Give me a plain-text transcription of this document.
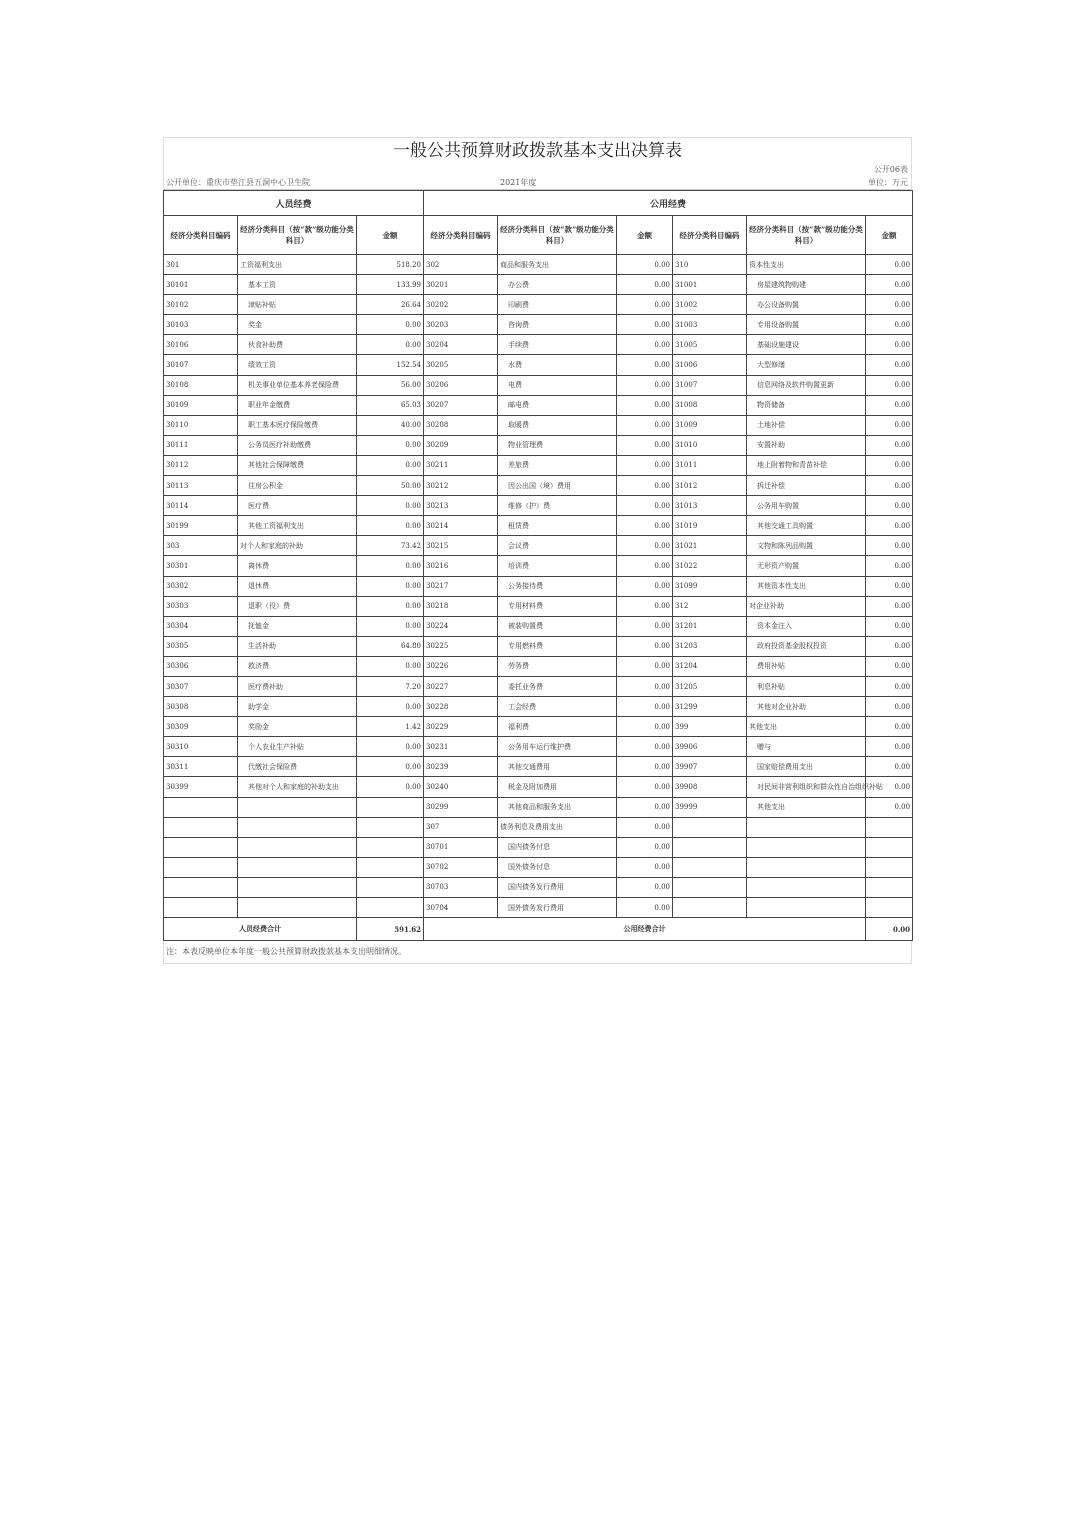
一般公共预算财政拨款基本支出决算表
公开06表
公开单位：重庆市垫江县五洞中心卫生院	2021年度	单位：万元
人员经费			公用经费					
经济分类科目编码	经济分类科目（按“款”级功能分类科目）	金额	经济分类科目编码	经济分类科目（按“款”级功能分类科目）	金额	经济分类科目编码	经济分类科目（按“款”级功能分类科目）	金额
301	工资福利支出	518.20	302	商品和服务支出	0.00	310	资本性支出	0.00
30101	基本工资	133.99	30201	办公费	0.00	31001	房屋建筑物购建	0.00
30102	津贴补贴	26.64	30202	印刷费	0.00	31002	办公设备购置	0.00
30103	奖金	0.00	30203	咨询费	0.00	31003	专用设备购置	0.00
30106	伙食补助费	0.00	30204	手续费	0.00	31005	基础设施建设	0.00
30107	绩效工资	152.54	30205	水费	0.00	31006	大型修缮	0.00
30108	机关事业单位基本养老保险费	56.00	30206	电费	0.00	31007	信息网络及软件购置更新	0.00
30109	职业年金缴费	65.03	30207	邮电费	0.00	31008	物资储备	0.00
30110	职工基本医疗保险缴费	40.00	30208	取暖费	0.00	31009	土地补偿	0.00
30111	公务员医疗补助缴费	0.00	30209	物业管理费	0.00	31010	安置补助	0.00
30112	其他社会保障缴费	0.00	30211	差旅费	0.00	31011	地上附着物和青苗补偿	0.00
30113	住房公积金	50.00	30212	因公出国（境）费用	0.00	31012	拆迁补偿	0.00
30114	医疗费	0.00	30213	维修（护）费	0.00	31013	公务用车购置	0.00
30199	其他工资福利支出	0.00	30214	租赁费	0.00	31019	其他交通工具购置	0.00
303	对个人和家庭的补助	73.42	30215	会议费	0.00	31021	文物和陈列品购置	0.00
30301	离休费	0.00	30216	培训费	0.00	31022	无形资产购置	0.00
30302	退休费	0.00	30217	公务接待费	0.00	31099	其他资本性支出	0.00
30303	退职（役）费	0.00	30218	专用材料费	0.00	312	对企业补助	0.00
30304	抚恤金	0.00	30224	被装购置费	0.00	31201	资本金注入	0.00
30305	生活补助	64.80	30225	专用燃料费	0.00	31203	政府投资基金股权投资	0.00
30306	救济费	0.00	30226	劳务费	0.00	31204	费用补贴	0.00
30307	医疗费补助	7.20	30227	委托业务费	0.00	31205	利息补贴	0.00
30308	助学金	0.00	30228	工会经费	0.00	31299	其他对企业补助	0.00
30309	奖励金	1.42	30229	福利费	0.00	399	其他支出	0.00
30310	个人农业生产补贴	0.00	30231	公务用车运行维护费	0.00	39906	赠与	0.00
30311	代缴社会保险费	0.00	30239	其他交通费用	0.00	39907	国家赔偿费用支出	0.00
30399	其他对个人和家庭的补助支出	0.00	30240	税金及附加费用	0.00	39908	对民间非营利组织和群众性自治组织补贴	0.00
			30299	其他商品和服务支出	0.00	39999	其他支出	0.00
			307	债务利息及费用支出	0.00			
			30701	国内债务付息	0.00			
			30702	国外债务付息	0.00			
			30703	国内债务发行费用	0.00			
			30704	国外债务发行费用	0.00			
人员经费合计		591.62	公用经费合计					0.00
注：本表反映单位本年度一般公共预算财政拨款基本支出明细情况。
